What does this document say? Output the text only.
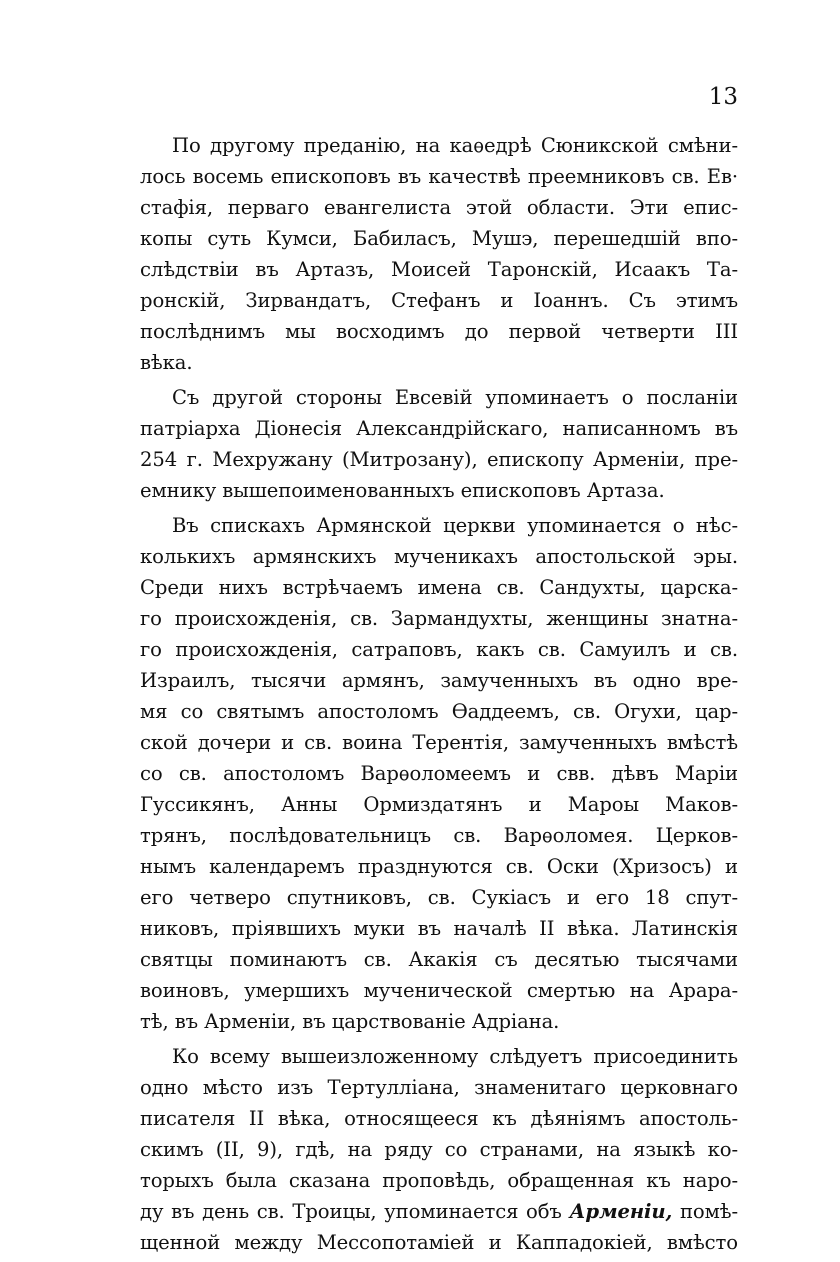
13
По другому преданію, на каѳедрѣ Сюникской смѣни-
лось восемь епископовъ въ качествѣ преемниковъ св. Ев·
стафія, перваго евангелиста этой области. Эти епис-
копы суть Кумси, Бабиласъ, Мушэ, перешедшій впо-
слѣдствіи въ Артазъ, Моисей Таронскій, Исаакъ Та-
ронскій, Зирвандатъ, Стефанъ и Іоаннъ. Съ этимъ
послѣднимъ мы восходимъ до первой четверти III
вѣка.
Съ другой стороны Евсевій упоминаетъ о посланіи
патріарха Діонесія Александрійскаго, написанномъ въ
254 г. Мехружану (Митрозану), епископу Арменіи, пре-
емнику вышепоименованныхъ епископовъ Артаза.
Въ спискахъ Армянской церкви упоминается о нѣс-
колькихъ армянскихъ мученикахъ апостольской эры.
Среди нихъ встрѣчаемъ имена св. Сандухты, царска-
го происхожденія, св. Зармандухты, женщины знатна-
го происхожденія, сатраповъ, какъ св. Самуилъ и св.
Израилъ, тысячи армянъ, замученныхъ въ одно вре-
мя со святымъ апостоломъ Ѳаддеемъ, св. Огухи, цар-
ской дочери и св. воина Терентія, замученныхъ вмѣстѣ
со св. апостоломъ Варѳоломеемъ и свв. дѣвъ Маріи
Гуссикянъ, Анны Ормиздатянъ и Мароы Маков-
трянъ, послѣдовательницъ св. Варѳоломея. Церков-
нымъ календаремъ празднуются св. Оски (Хризосъ) и
его четверо спутниковъ, св. Сукіасъ и его 18 спут-
никовъ, пріявшихъ муки въ началѣ II вѣка. Латинскія
святцы поминаютъ св. Акакія съ десятью тысячами
воиновъ, умершихъ мученической смертью на Арара-
тѣ, въ Арменіи, въ царствованіе Адріана.
Ко всему вышеизложенному слѣдуетъ присоединить
одно мѣсто изъ Тертулліана, знаменитаго церковнаго
писателя II вѣка, относящееся къ дѣяніямъ апостоль-
скимъ (II, 9), гдѣ, на ряду со странами, на языкѣ ко-
торыхъ была сказана проповѣдь, обращенная къ наро-
ду въ день св. Троицы, упоминается объ Арменіи, помѣ-
щенной между Мессопотаміей и Каппадокіей, вмѣсто
